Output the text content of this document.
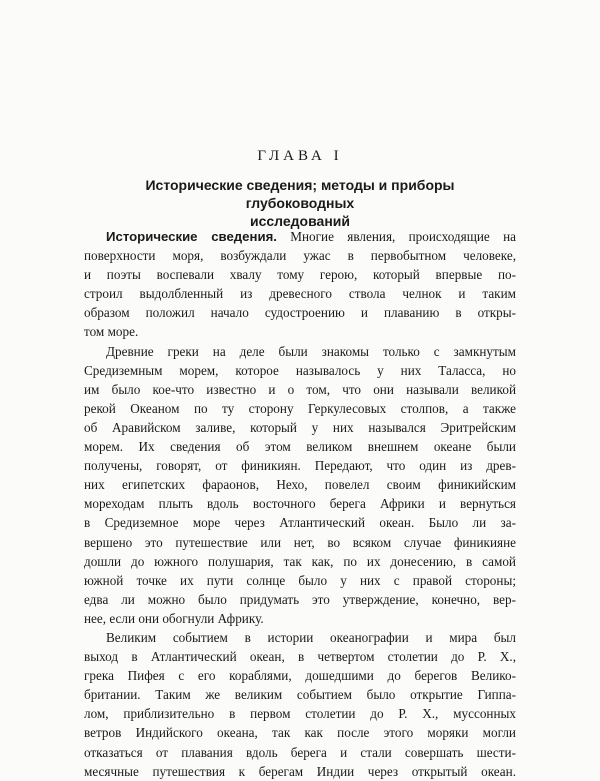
ГЛАВА I
Исторические сведения; методы и приборы глубоководных
исследований
Исторические сведения. Многие явления, происходящие на
поверхности моря, возбуждали ужас в первобытном человеке,
и поэты воспевали хвалу тому герою, который впервые по-
строил выдолбленный из древесного ствола челнок и таким
образом положил начало судостроению и плаванию в откры-
том море.
Древние греки на деле были знакомы только с замкнутым
Средиземным морем, которое называлось у них Таласса, но
им было кое-что известно и о том, что они называли великой
рекой Океаном по ту сторону Геркулесовых столпов, а также
об Аравийском заливе, который у них назывался Эритрейским
морем. Их сведения об этом великом внешнем океане были
получены, говорят, от финикиян. Передают, что один из древ-
них египетских фараонов, Нехо, повелел своим финикийским
мореходам плыть вдоль восточного берега Африки и вернуться
в Средиземное море через Атлантический океан. Было ли за-
вершено это путешествие или нет, во всяком случае финикияне
дошли до южного полушария, так как, по их донесению, в самой
южной точке их пути солнце было у них с правой стороны;
едва ли можно было придумать это утверждение, конечно, вер-
нее, если они обогнули Африку.
Великим событием в истории океанографии и мира был
выход в Атлантический океан, в четвертом столетии до Р. Х.,
грека Пифея с его кораблями, дошедшими до берегов Велико-
британии. Таким же великим событием было открытие Гиппа-
лом, приблизительно в первом столетии до Р. Х., муссонных
ветров Индийского океана, так как после этого моряки могли
отказаться от плавания вдоль берега и стали совершать шести-
месячные путешествия к берегам Индии через открытый океан.
